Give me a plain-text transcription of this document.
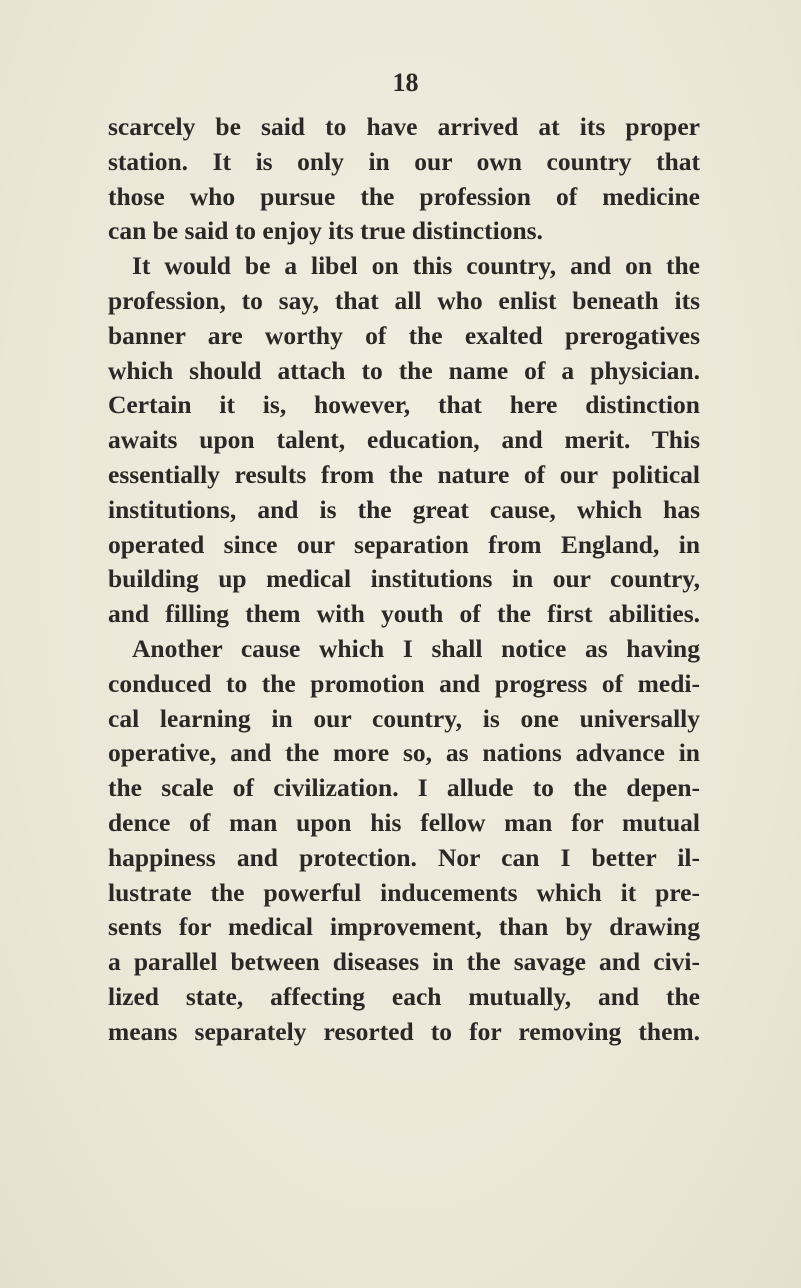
18
scarcely be said to have arrived at its proper
station. It is only in our own country that
those who pursue the profession of medicine
can be said to enjoy its true distinctions.
It would be a libel on this country, and on the
profession, to say, that all who enlist beneath its
banner are worthy of the exalted prerogatives
which should attach to the name of a physician.
Certain it is, however, that here distinction
awaits upon talent, education, and merit. This
essentially results from the nature of our political
institutions, and is the great cause, which has
operated since our separation from England, in
building up medical institutions in our country,
and filling them with youth of the first abilities.
Another cause which I shall notice as having
conduced to the promotion and progress of medi-
cal learning in our country, is one universally
operative, and the more so, as nations advance in
the scale of civilization. I allude to the depen-
dence of man upon his fellow man for mutual
happiness and protection. Nor can I better il-
lustrate the powerful inducements which it pre-
sents for medical improvement, than by drawing
a parallel between diseases in the savage and civi-
lized state, affecting each mutually, and the
means separately resorted to for removing them.
